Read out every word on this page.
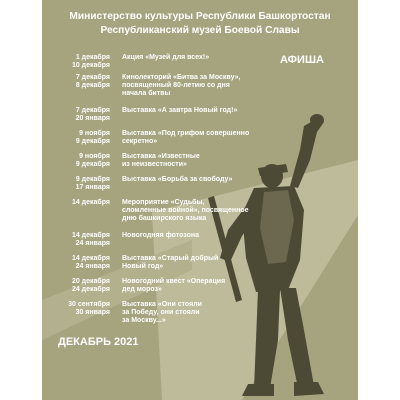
Министерство культуры Республики Башкортостан
Республиканский музей Боевой Славы
АФИША
1 декабря
10 декабря
Акция «Музей для всех!»
7 декабря
8 декабря
Кинолекторий «Битва за Москву»,
посвященный 80-летию со дня
начала битвы
7 декабря
20 января
Выставка «А завтра Новый год!»
9 ноября
9 декабря
Выставка «Под грифом совершенно
секретно»
9 ноября
9 декабря
Выставка «Известные
из неизвестности»
9 декабря
17 января
Выставка «Борьба за свободу»
14 декабря Мероприятие «Судьбы,
сломленные войной», посвященное
дню башкирского языка
14 декабря
24 января
Новогодняя фотозона
14 декабря
24 января
Выставка «Старый добрый
Новый год»
20 декабря
24 декабря
Новогодний квест «Операция
дед мороз»
30 сентября
30 января
Выставка «Они стояли
за Победу, они стояли
за Москву...»
ДЕКАБРЬ 2021
